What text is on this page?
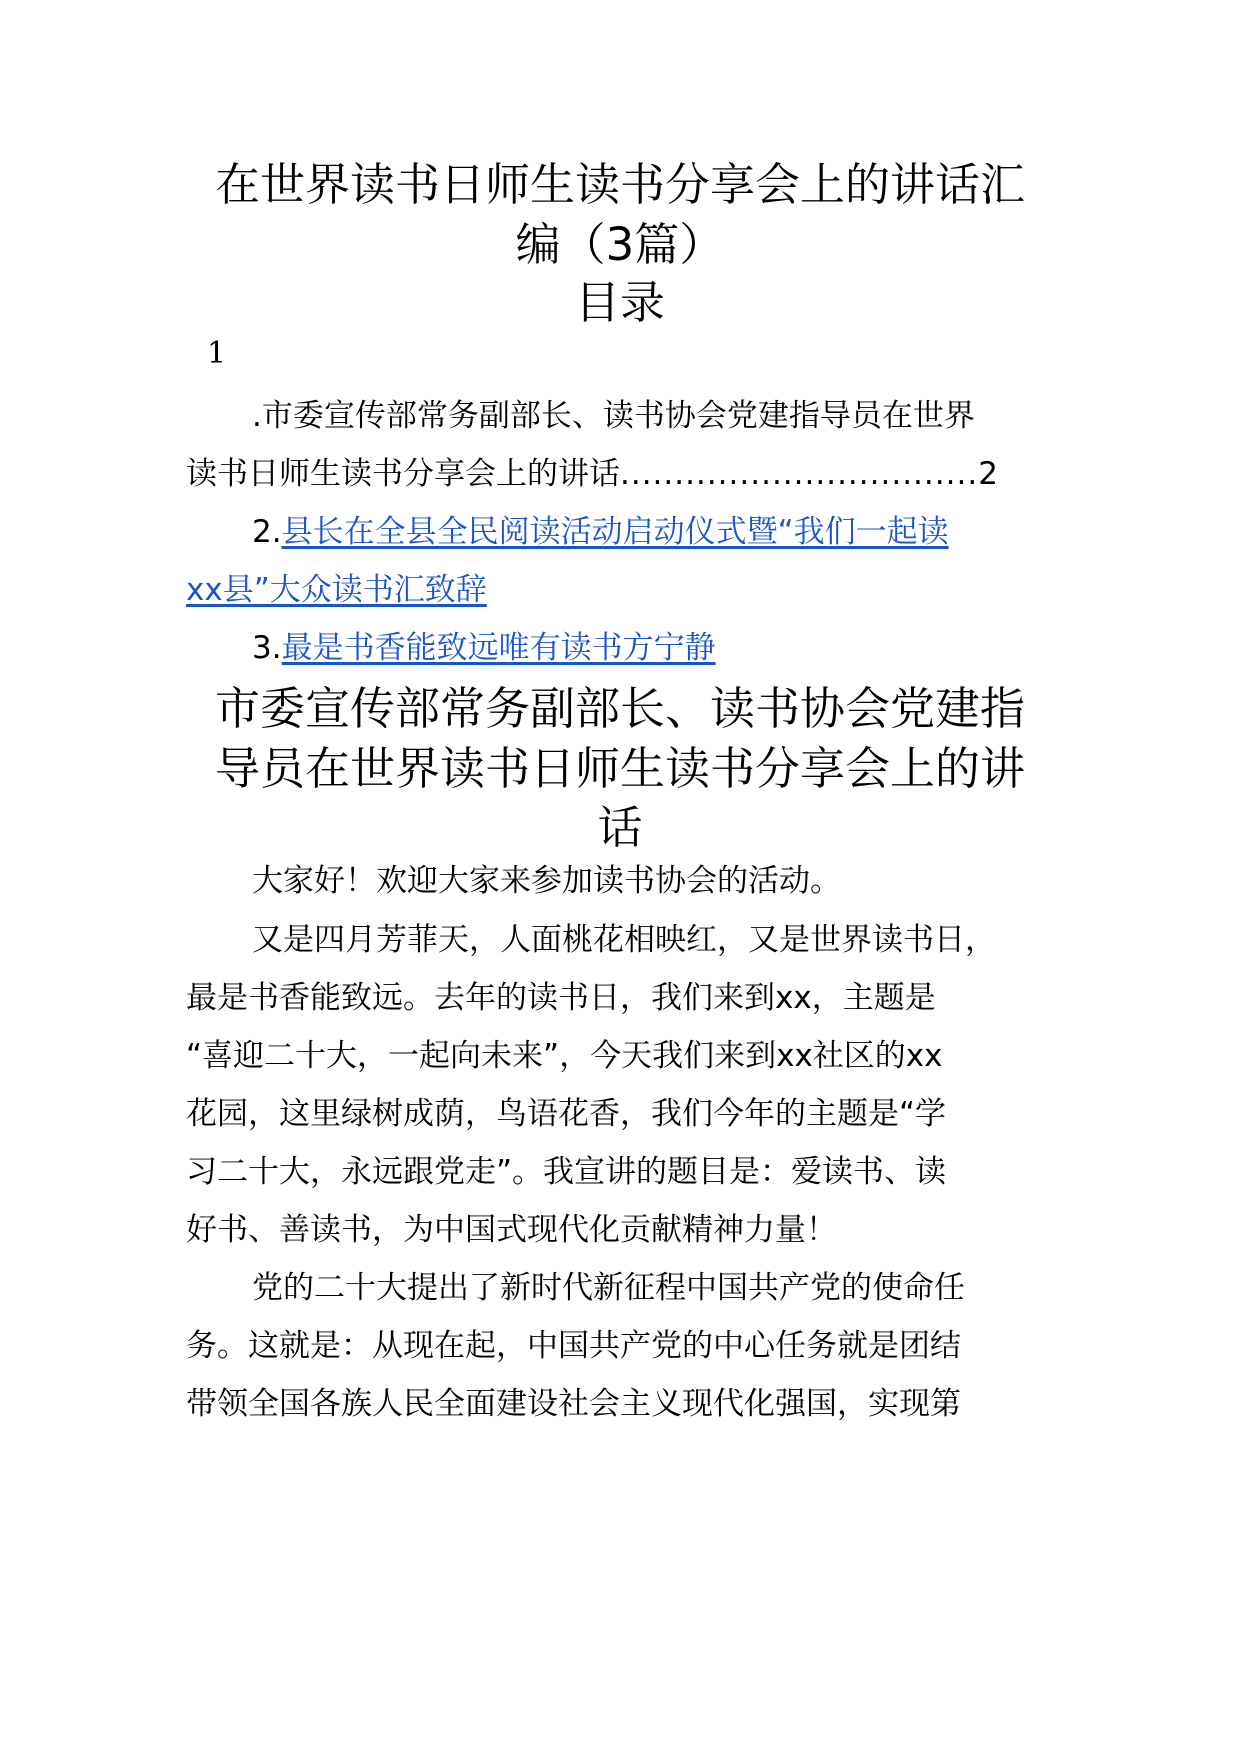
在世界读书日师生读书分享会上的讲话汇
编（3篇）
目录
1
.市委宣传部常务副部长、读书协会党建指导员在世界
读书日师生读书分享会上的讲话.................................2
2.县长在全县全民阅读活动启动仪式暨“我们一起读
xx县”大众读书汇致辞
3.最是书香能致远唯有读书方宁静
市委宣传部常务副部长、读书协会党建指
导员在世界读书日师生读书分享会上的讲
话
大家好！欢迎大家来参加读书协会的活动。
又是四月芳菲天，人面桃花相映红，又是世界读书日，
最是书香能致远。去年的读书日，我们来到xx，主题是
“喜迎二十大，一起向未来”，今天我们来到xx社区的xx
花园，这里绿树成荫，鸟语花香，我们今年的主题是“学
习二十大，永远跟党走”。我宣讲的题目是：爱读书、读
好书、善读书，为中国式现代化贡献精神力量！
党的二十大提出了新时代新征程中国共产党的使命任
务。这就是：从现在起，中国共产党的中心任务就是团结
带领全国各族人民全面建设社会主义现代化强国，实现第
